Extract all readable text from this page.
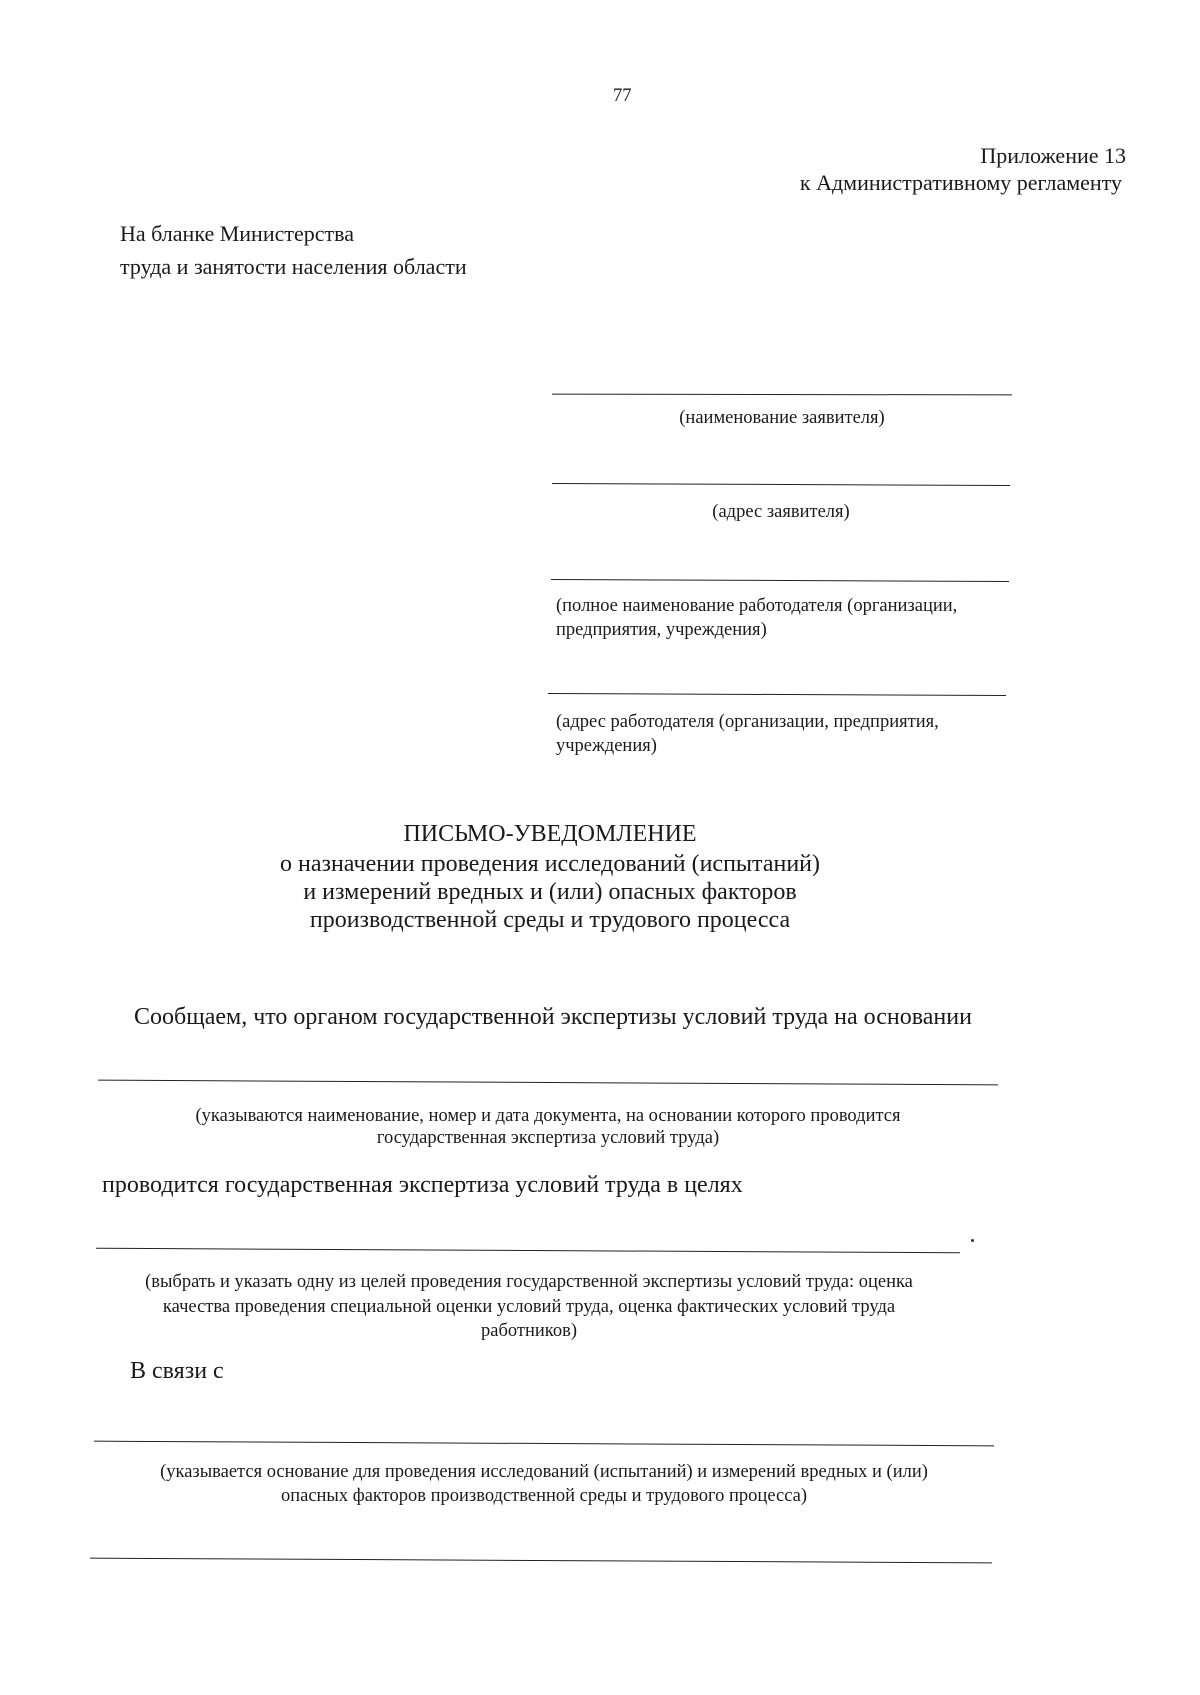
77
Приложение 13
к Административному регламенту
На бланке Министерства
труда и занятости населения области
(наименование заявителя)
(адрес заявителя)
(полное наименование работодателя (организации,
предприятия, учреждения)
(адрес работодателя (организации, предприятия,
учреждения)
ПИСЬМО-УВЕДОМЛЕНИЕ
о назначении проведения исследований (испытаний)
и измерений вредных и (или) опасных факторов
производственной среды и трудового процесса
Сообщаем, что органом государственной экспертизы условий труда на основании
(указываются наименование, номер и дата документа, на основании которого проводится
государственная экспертиза условий труда)
проводится государственная экспертиза условий труда в целях
(выбрать и указать одну из целей проведения государственной экспертизы условий труда: оценка
качества проведения специальной оценки условий труда, оценка фактических условий труда
работников)
В связи с
(указывается основание для проведения исследований (испытаний) и измерений вредных и (или)
опасных факторов производственной среды и трудового процесса)
